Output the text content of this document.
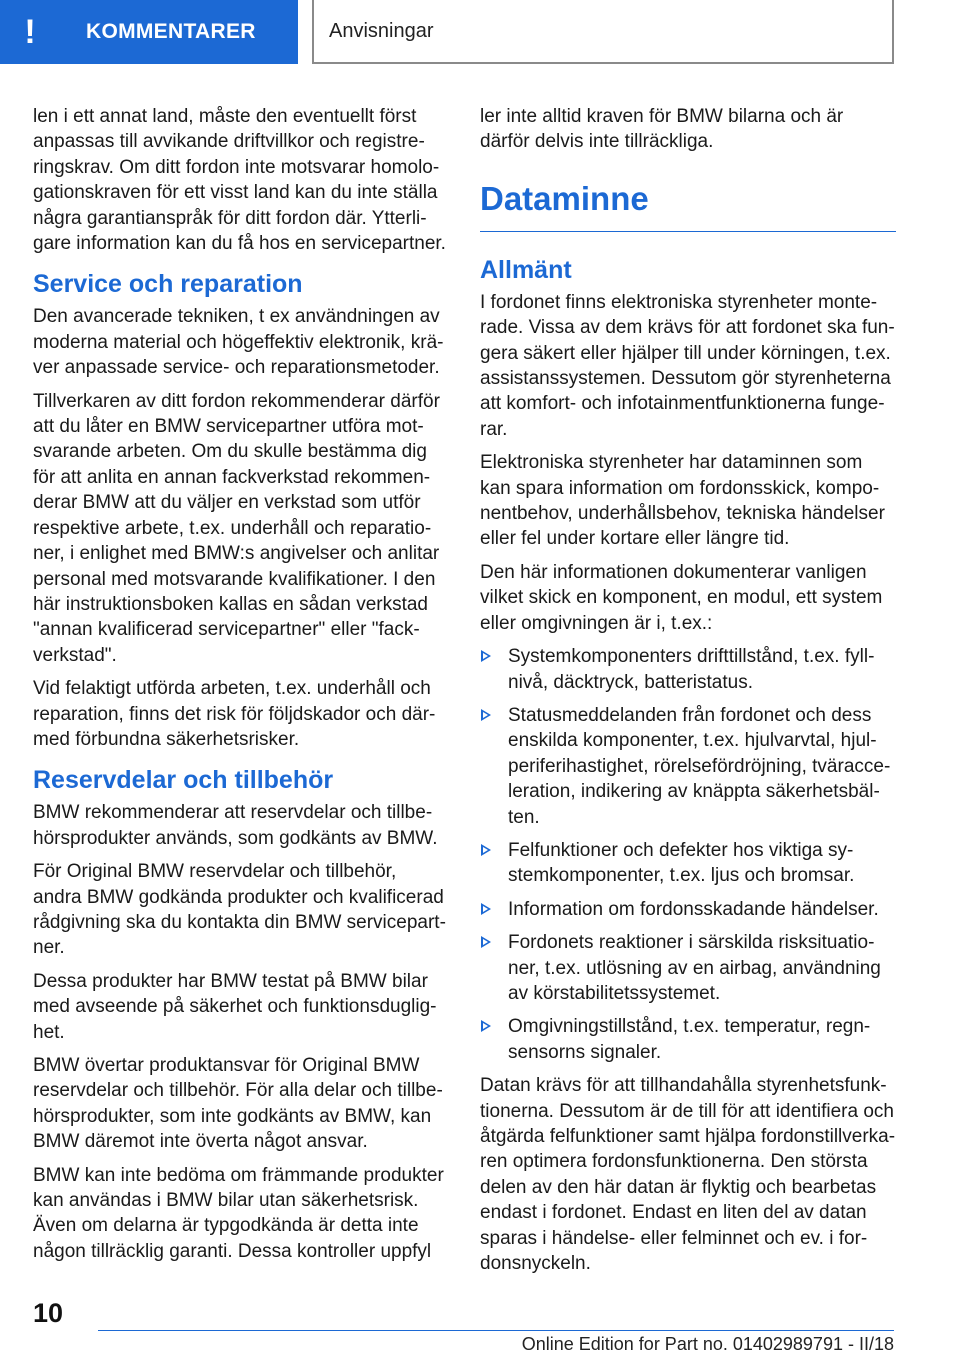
!	KOMMENTARER	Anvisningar

len i ett annat land, måste den eventuellt först anpassas till avvikande driftvillkor och registreringskrav. Om ditt fordon inte motsvarar homologationskraven för ett visst land kan du inte ställa några garantianspråk för ditt fordon där. Ytterligare information kan du få hos en servicepartner.

Service och reparation

Den avancerade tekniken, t ex användningen av moderna material och högeffektiv elektronik, kräver anpassade service- och reparationsmetoder.

Tillverkaren av ditt fordon rekommenderar därför att du låter en BMW servicepartner utföra motsvarande arbeten. Om du skulle bestämma dig för att anlita en annan fackverkstad rekommenderar BMW att du väljer en verkstad som utför respektive arbete, t.ex. underhåll och reparationer, i enlighet med BMW:s angivelser och anlitar personal med motsvarande kvalifikationer. I den här instruktionsboken kallas en sådan verkstad "annan kvalificerad servicepartner" eller "fackverkstad".

Vid felaktigt utförda arbeten, t.ex. underhåll och reparation, finns det risk för följdskador och därmed förbundna säkerhetsrisker.

Reservdelar och tillbehör

BMW rekommenderar att reservdelar och tillbehörsprodukter används, som godkänts av BMW.

För Original BMW reservdelar och tillbehör, andra BMW godkända produkter och kvalificerad rådgivning ska du kontakta din BMW servicepartner.

Dessa produkter har BMW testat på BMW bilar med avseende på säkerhet och funktionsduglighet.

BMW övertar produktansvar för Original BMW reservdelar och tillbehör. För alla delar och tillbehörsprodukter, som inte godkänts av BMW, kan BMW däremot inte överta något ansvar.

BMW kan inte bedöma om främmande produkter kan användas i BMW bilar utan säkerhetsrisk. Även om delarna är typgodkända är detta inte någon tillräcklig garanti. Dessa kontroller uppfyl

ler inte alltid kraven för BMW bilarna och är därför delvis inte tillräckliga.

Dataminne
Allmänt

I fordonet finns elektroniska styrenheter monterade. Vissa av dem krävs för att fordonet ska fungera säkert eller hjälper till under körningen, t.ex. assistanssystemen. Dessutom gör styrenheterna att komfort- och infotainmentfunktionerna fungerar.

Elektroniska styrenheter har dataminnen som kan spara information om fordonsskick, komponentbehov, underhållsbehov, tekniska händelser eller fel under kortare eller längre tid.

Den här informationen dokumenterar vanligen vilket skick en komponent, en modul, ett system eller omgivningen är i, t.ex.:

Systemkomponenters drifttillstånd, t.ex. fyllnivå, däcktryck, batteristatus.
Statusmeddelanden från fordonet och dess enskilda komponenter, t.ex. hjulvarvtal, hjulperiferihastighet, rörelsefördröjning, tväracceleration, indikering av knäppta säkerhetsbälten.
Felfunktioner och defekter hos viktiga systemkomponenter, t.ex. ljus och bromsar.
Information om fordonsskadande händelser.
Fordonets reaktioner i särskilda risksituationer, t.ex. utlösning av en airbag, användning av körstabilitetssystemet.
Omgivningstillstånd, t.ex. temperatur, regnsensorns signaler.

Datan krävs för att tillhandahålla styrenhetsfunktionerna. Dessutom är de till för att identifiera och åtgärda felfunktioner samt hjälpa fordonstillverkaren optimera fordonsfunktionerna. Den största delen av den här datan är flyktig och bearbetas endast i fordonet. Endast en liten del av datan sparas i händelse- eller felminnet och ev. i fordonsnyckeln.

10
Online Edition for Part no. 01402989791 - II/18
